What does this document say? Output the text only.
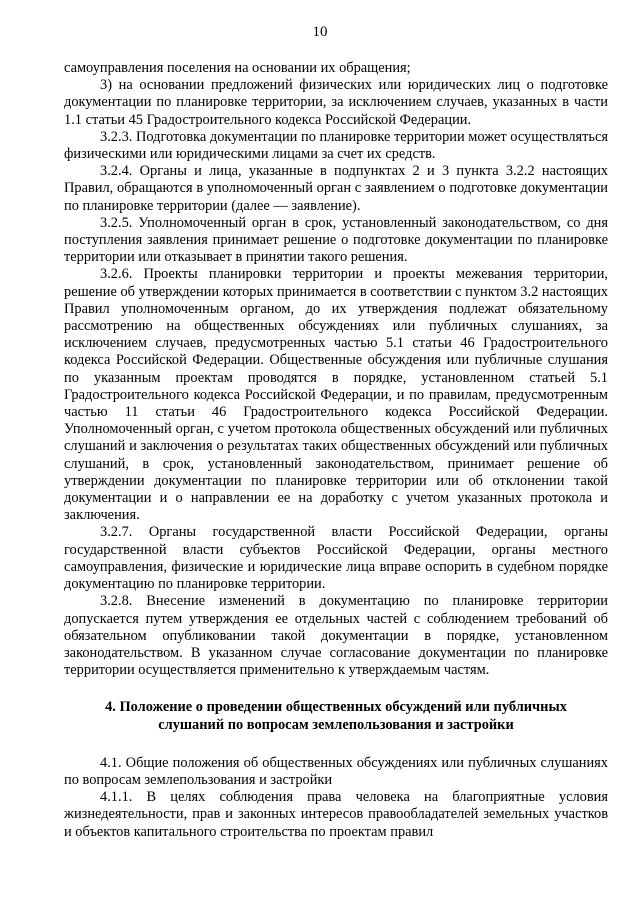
10

самоуправления поселения на основании их обращения;

3) на основании предложений физических или юридических лиц о подготовке документации по планировке территории, за исключением случаев, указанных в части 1.1 статьи 45 Градостроительного кодекса Российской Федерации.

3.2.3. Подготовка документации по планировке территории может осуществляться физическими или юридическими лицами за счет их средств.

3.2.4. Органы и лица, указанные в подпунктах 2 и 3 пункта 3.2.2 настоящих Правил, обращаются в уполномоченный орган с заявлением о подготовке документации по планировке территории (далее — заявление).

3.2.5. Уполномоченный орган в срок, установленный законодательством, со дня поступления заявления принимает решение о подготовке документации по планировке территории или отказывает в принятии такого решения.

3.2.6. Проекты планировки территории и проекты межевания территории, решение об утверждении которых принимается в соответствии с пунктом 3.2 настоящих Правил уполномоченным органом, до их утверждения подлежат обязательному рассмотрению на общественных обсуждениях или публичных слушаниях, за исключением случаев, предусмотренных частью 5.1 статьи 46 Градостроительного кодекса Российской Федерации. Общественные обсуждения или публичные слушания по указанным проектам проводятся в порядке, установленном статьей 5.1 Градостроительного кодекса Российской Федерации, и по правилам, предусмотренным частью 11 статьи 46 Градостроительного кодекса Российской Федерации. Уполномоченный орган, с учетом протокола общественных обсуждений или публичных слушаний и заключения о результатах таких общественных обсуждений или публичных слушаний, в срок, установленный законодательством, принимает решение об утверждении документации по планировке территории или об отклонении такой документации и о направлении ее на доработку с учетом указанных протокола и заключения.

3.2.7. Органы государственной власти Российской Федерации, органы государственной власти субъектов Российской Федерации, органы местного самоуправления, физические и юридические лица вправе оспорить в судебном порядке документацию по планировке территории.

3.2.8. Внесение изменений в документацию по планировке территории допускается путем утверждения ее отдельных частей с соблюдением требований об обязательном опубликовании такой документации в порядке, установленном законодательством. В указанном случае согласование документации по планировке территории осуществляется применительно к утверждаемым частям.

4. Положение о проведении общественных обсуждений или публичных
слушаний по вопросам землепользования и застройки

4.1. Общие положения об общественных обсуждениях или публичных слушаниях по вопросам землепользования и застройки

4.1.1. В целях соблюдения права человека на благоприятные условия жизнедеятельности, прав и законных интересов правообладателей земельных участков и объектов капитального строительства по проектам правил
